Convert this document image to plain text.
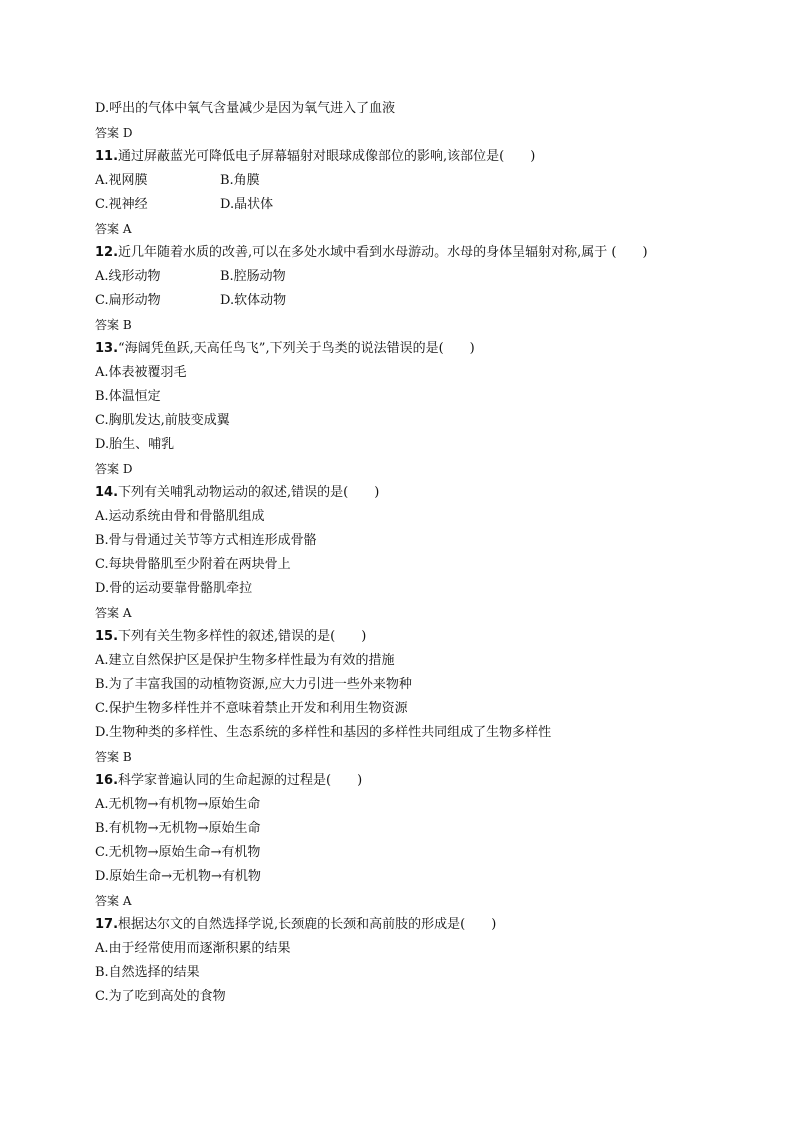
D.呼出的气体中氧气含量减少是因为氧气进入了血液
答案 D
11.通过屏蔽蓝光可降低电子屏幕辐射对眼球成像部位的影响,该部位是(　　)
A.视网膜	B.角膜
C.视神经	D.晶状体
答案 A
12.近几年随着水质的改善,可以在多处水域中看到水母游动。水母的身体呈辐射对称,属于 (　　)
A.线形动物	B.腔肠动物
C.扁形动物	D.软体动物
答案 B
13.“海阔凭鱼跃,天高任鸟飞”,下列关于鸟类的说法错误的是(　　)
A.体表被覆羽毛
B.体温恒定
C.胸肌发达,前肢变成翼
D.胎生、哺乳
答案 D
14.下列有关哺乳动物运动的叙述,错误的是(　　)
A.运动系统由骨和骨骼肌组成
B.骨与骨通过关节等方式相连形成骨骼
C.每块骨骼肌至少附着在两块骨上
D.骨的运动要靠骨骼肌牵拉
答案 A
15.下列有关生物多样性的叙述,错误的是(　　)
A.建立自然保护区是保护生物多样性最为有效的措施
B.为了丰富我国的动植物资源,应大力引进一些外来物种
C.保护生物多样性并不意味着禁止开发和利用生物资源
D.生物种类的多样性、生态系统的多样性和基因的多样性共同组成了生物多样性
答案 B
16.科学家普遍认同的生命起源的过程是(　　)
A.无机物→有机物→原始生命
B.有机物→无机物→原始生命
C.无机物→原始生命→有机物
D.原始生命→无机物→有机物
答案 A
17.根据达尔文的自然选择学说,长颈鹿的长颈和高前肢的形成是(　　)
A.由于经常使用而逐渐积累的结果
B.自然选择的结果
C.为了吃到高处的食物
